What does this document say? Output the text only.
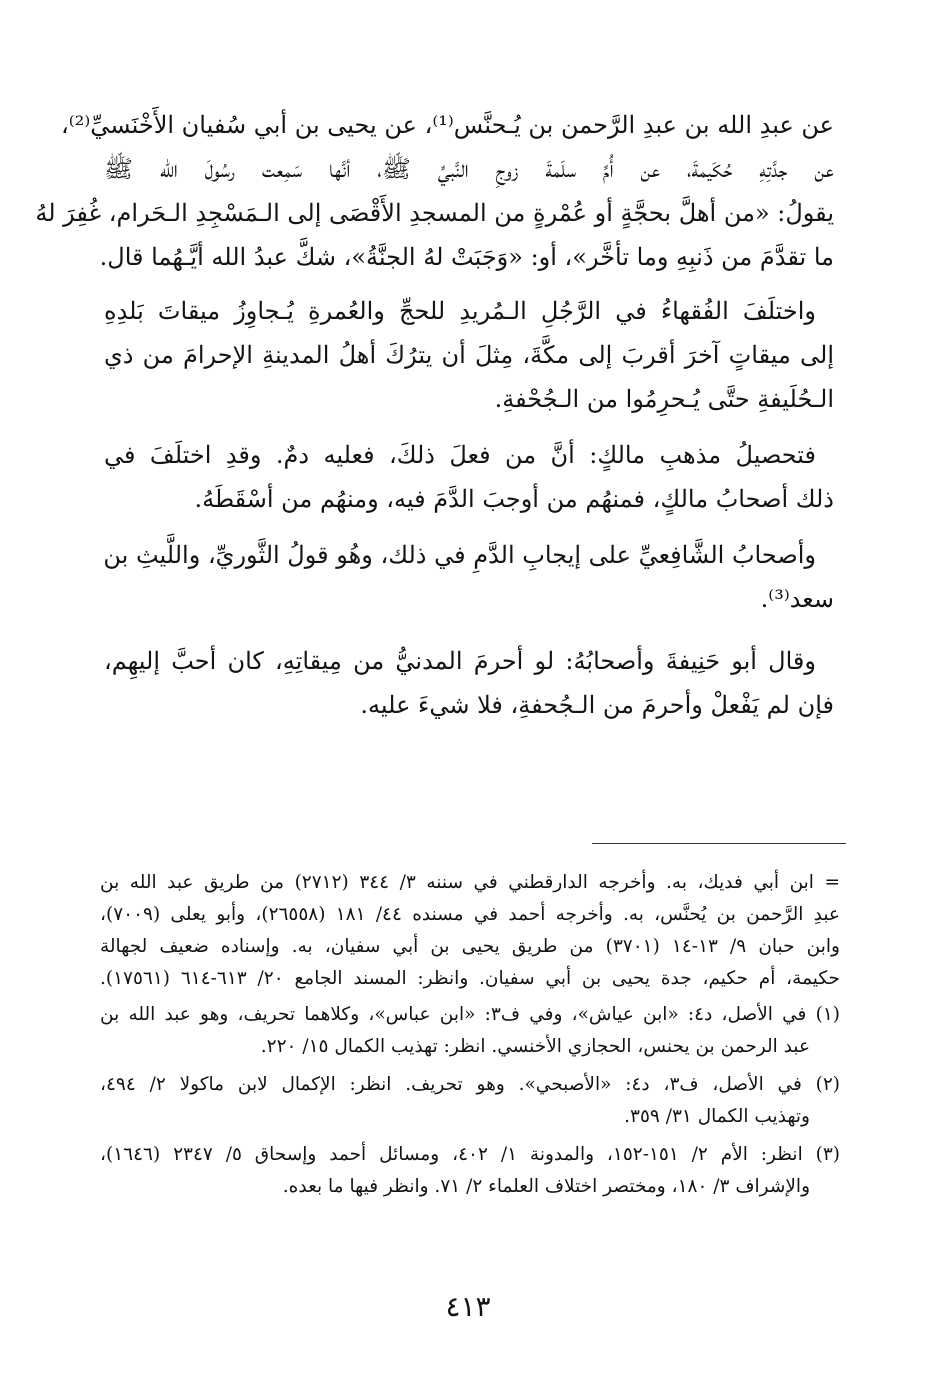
عن عبدِ الله بن عبدِ الرَّحمن بن يُـحنَّس⁽¹⁾، عن يحيى بن أبي سُفيان الأَخْنَسيِّ⁽²⁾،
عن جدَّتِهِ حُكَيمةَ، عن أُمِّ سلَمةَ زوجِ النَّبيِّ ﷺ، أنَّها سَمِعت رسُولَ الله ﷺ
يقولُ: «من أهلَّ بحجَّةٍ أو عُمْرةٍ من المسجدِ الأَقْصَى إلى الـمَسْجِدِ الـحَرام، غُفِرَ لهُ
ما تقدَّمَ من ذَنبِهِ وما تأخَّر»، أو: «وَجَبَتْ لهُ الجنَّةُ»، شكَّ عبدُ الله أيَّـهُما قال.
واختلَفَ الفُقهاءُ في الرَّجُلِ الـمُريدِ للحجِّ والعُمرةِ يُـجاوِزُ ميقاتَ بَلدِهِ
إلى ميقاتٍ آخرَ أقربَ إلى مكَّةَ، مِثلَ أن يترُكَ أهلُ المدينةِ الإحرامَ من ذي
الـحُلَيفةِ حتَّى يُـحرِمُوا من الـجُحْفةِ.
فتحصيلُ مذهبِ مالكٍ: أنَّ من فعلَ ذلكَ، فعليه دمٌ. وقدِ اختلَفَ في
ذلك أصحابُ مالكٍ، فمنهُم من أوجبَ الدَّمَ فيه، ومنهُم من أسْقَطَهُ.
وأصحابُ الشَّافِعيِّ على إيجابِ الدَّمِ في ذلك، وهُو قولُ الثَّوريِّ، واللَّيثِ بن
سعد⁽³⁾.
وقال أبو حَنِيفةَ وأصحابُهُ: لو أحرمَ المدنيُّ من مِيقاتِهِ، كان أحبَّ إليهِم،
فإن لم يَفْعلْ وأحرمَ من الـجُحفةِ، فلا شيءَ عليه.
= ابن أبي فديك، به. وأخرجه الدارقطني في سننه ٣/ ٣٤٤ (٢٧١٢) من طريق عبد الله بن
عبدِ الرَّحمن بن يُحنَّس، به. وأخرجه أحمد في مسنده ٤٤/ ١٨١ (٢٦٥٥٨)، وأبو يعلى (٧٠٠٩)،
وابن حبان ٩/ ١٣-١٤ (٣٧٠١) من طريق يحيى بن أبي سفيان، به. وإسناده ضعيف لجهالة
حكيمة، أم حكيم، جدة يحيى بن أبي سفيان. وانظر: المسند الجامع ٢٠/ ٦١٣-٦١٤ (١٧٥٦١).
(١) في الأصل، د٤: «ابن عياش»، وفي ف٣: «ابن عباس»، وكلاهما تحريف، وهو عبد الله بن
عبد الرحمن بن يحنس، الحجازي الأخنسي. انظر: تهذيب الكمال ١٥/ ٢٢٠.
(٢) في الأصل، ف٣، د٤: «الأصبحي». وهو تحريف. انظر: الإكمال لابن ماكولا ٢/ ٤٩٤،
وتهذيب الكمال ٣١/ ٣٥٩.
(٣) انظر: الأم ٢/ ١٥١-١٥٢، والمدونة ١/ ٤٠٢، ومسائل أحمد وإسحاق ٥/ ٢٣٤٧ (١٦٤٦)،
والإشراف ٣/ ١٨٠، ومختصر اختلاف العلماء ٢/ ٧١. وانظر فيها ما بعده.
٤١٣
